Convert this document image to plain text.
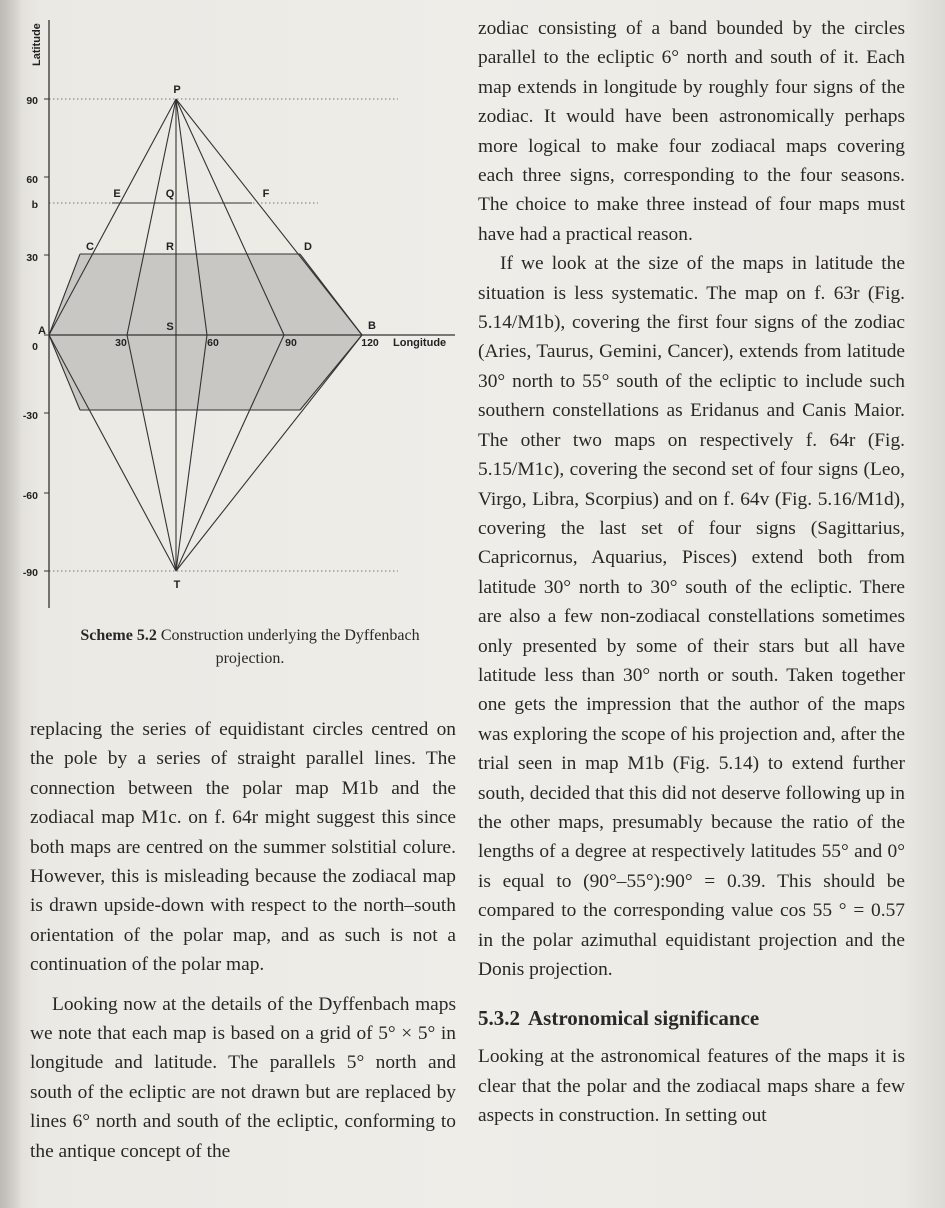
Latitude
Longitude
90
60
b
30
0
-30
-60
-90
30	60	90	120
P
E	Q	F
C	R	D
A	S	B
T
Scheme 5.2 Construction underlying the Dyffenbach projection.

replacing the series of equidistant circles centred on the pole by a series of straight parallel lines. The connection between the polar map M1b and the zodiacal map M1c. on f. 64r might suggest this since both maps are centred on the summer solstitial colure. However, this is misleading because the zodiacal map is drawn upside-down with respect to the north–south orientation of the polar map, and as such is not a continuation of the polar map.

Looking now at the details of the Dyffenbach maps we note that each map is based on a grid of 5° × 5° in longitude and latitude. The parallels 5° north and south of the ecliptic are not drawn but are replaced by lines 6° north and south of the ecliptic, conforming to the antique concept of the

zodiac consisting of a band bounded by the circles parallel to the ecliptic 6° north and south of it. Each map extends in longitude by roughly four signs of the zodiac. It would have been astronomically perhaps more logical to make four zodiacal maps covering each three signs, corresponding to the four seasons. The choice to make three instead of four maps must have had a practical reason.

If we look at the size of the maps in latitude the situation is less systematic. The map on f. 63r (Fig. 5.14/M1b), covering the first four signs of the zodiac (Aries, Taurus, Gemini, Cancer), extends from latitude 30° north to 55° south of the ecliptic to include such southern constellations as Eridanus and Canis Maior. The other two maps on respectively f. 64r (Fig. 5.15/M1c), covering the second set of four signs (Leo, Virgo, Libra, Scorpius) and on f. 64v (Fig. 5.16/M1d), covering the last set of four signs (Sagittarius, Capricornus, Aquarius, Pisces) extend both from latitude 30° north to 30° south of the ecliptic. There are also a few non-zodiacal constellations sometimes only presented by some of their stars but all have latitude less than 30° north or south. Taken together one gets the impression that the author of the maps was exploring the scope of his projection and, after the trial seen in map M1b (Fig. 5.14) to extend further south, decided that this did not deserve following up in the other maps, presumably because the ratio of the lengths of a degree at respectively latitudes 55° and 0° is equal to (90°–55°):90° = 0.39. This should be compared to the corresponding value cos 55 ° = 0.57 in the polar azimuthal equidistant projection and the Donis projection.

5.3.2 Astronomical significance

Looking at the astronomical features of the maps it is clear that the polar and the zodiacal maps share a few aspects in construction. In setting out
